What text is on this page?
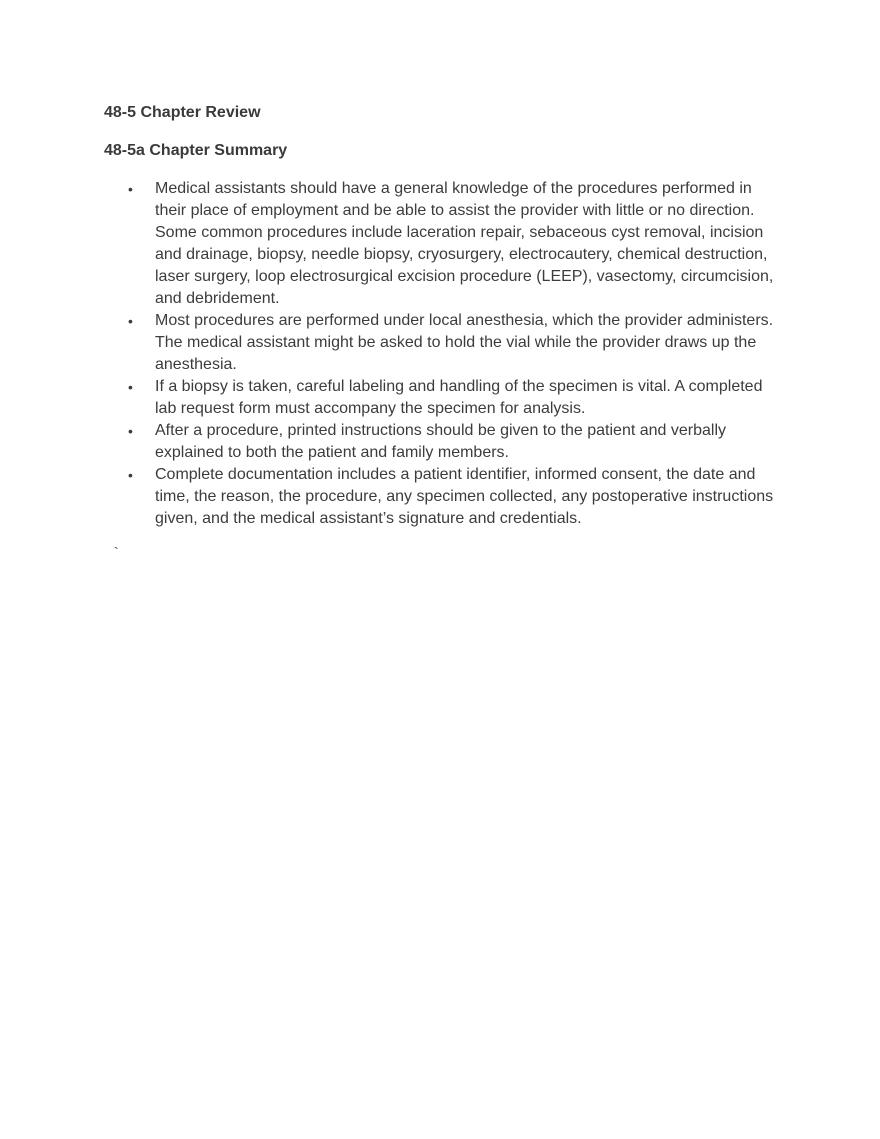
48-5 Chapter Review
48-5a Chapter Summary
• Medical assistants should have a general knowledge of the procedures performed in their place of employment and be able to assist the provider with little or no direction. Some common procedures include laceration repair, sebaceous cyst removal, incision and drainage, biopsy, needle biopsy, cryosurgery, electrocautery, chemical destruction, laser surgery, loop electrosurgical excision procedure (LEEP), vasectomy, circumcision, and debridement.
• Most procedures are performed under local anesthesia, which the provider administers. The medical assistant might be asked to hold the vial while the provider draws up the anesthesia.
• If a biopsy is taken, careful labeling and handling of the specimen is vital. A completed lab request form must accompany the specimen for analysis.
• After a procedure, printed instructions should be given to the patient and verbally explained to both the patient and family members.
• Complete documentation includes a patient identifier, informed consent, the date and time, the reason, the procedure, any specimen collected, any postoperative instructions given, and the medical assistant’s signature and credentials.
`
